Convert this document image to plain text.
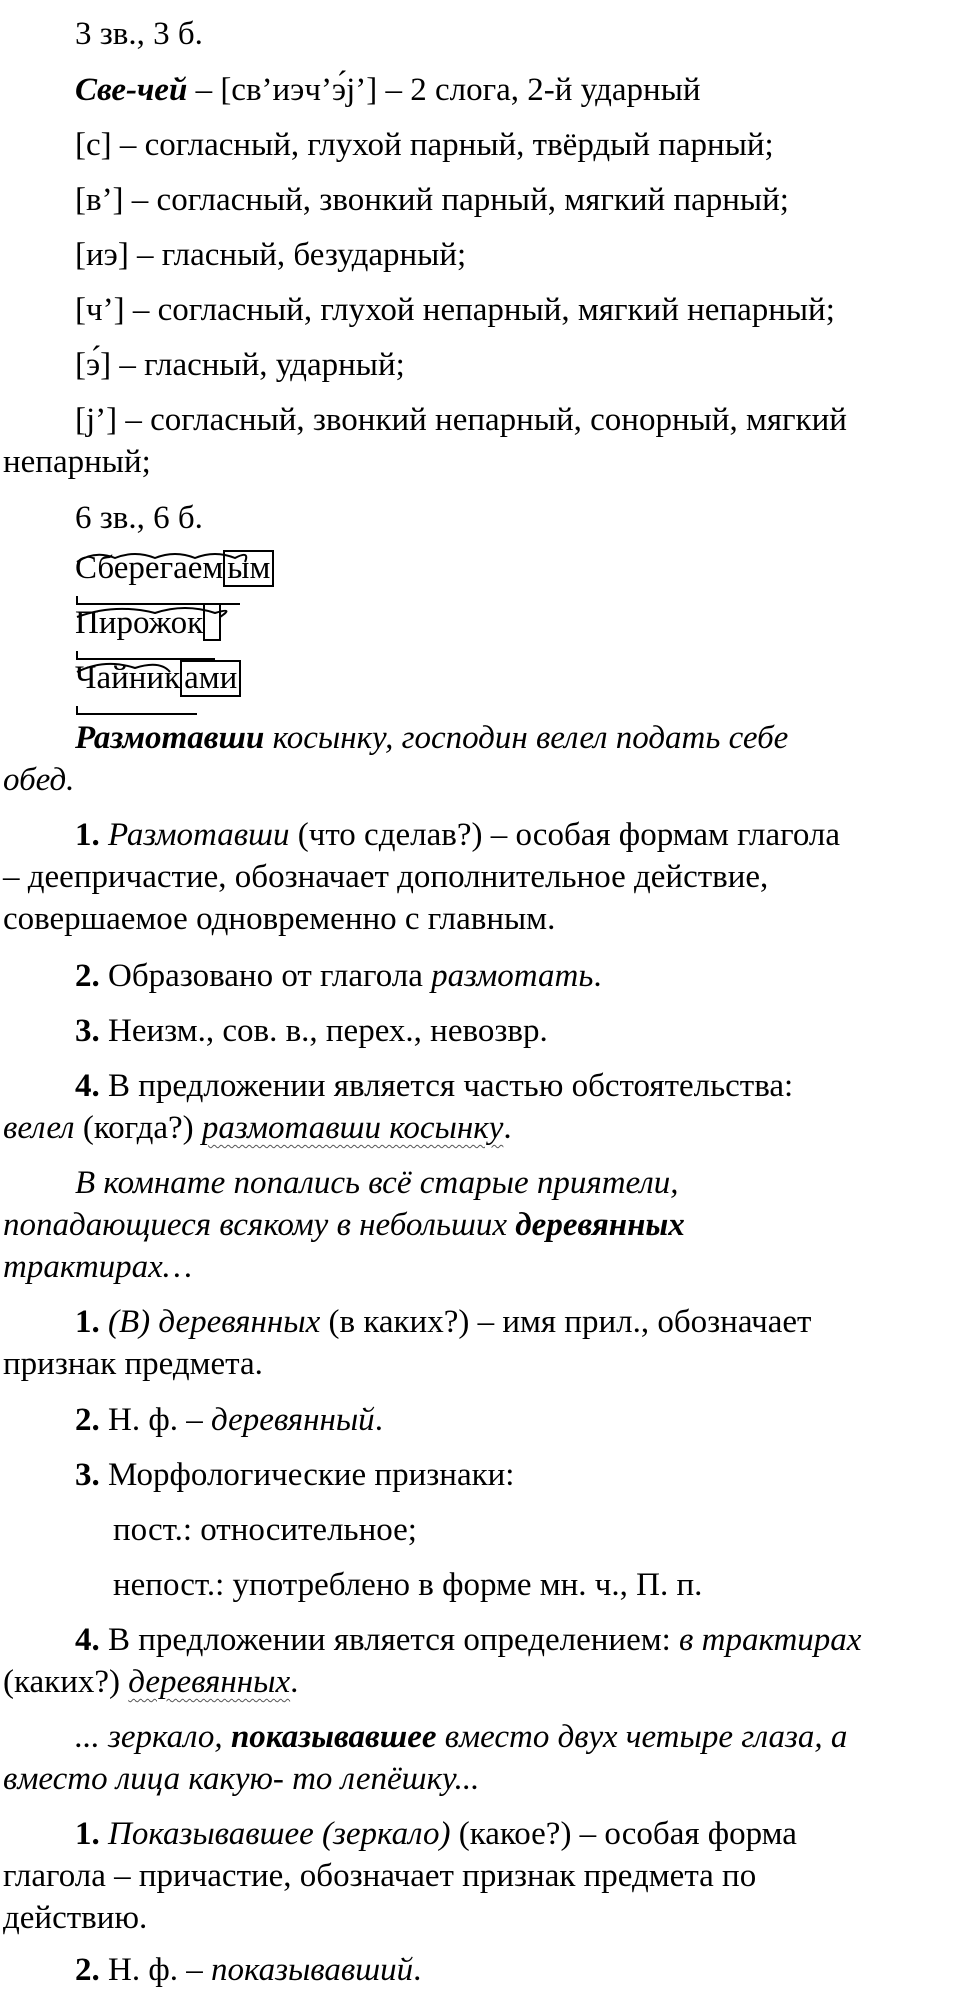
3 зв., 3 б.
Све-чей – [св’иэч’э́j’] – 2 слога, 2-й ударный
[с] – согласный, глухой парный, твёрдый парный;
[в’] – согласный, звонкий парный, мягкий парный;
[иэ] – гласный, безударный;
[ч’] – согласный, глухой непарный, мягкий непарный;
[э́] – гласный, ударный;
[j’] – согласный, звонкий непарный, сонорный, мягкий
непарный;
6 зв., 6 б.
Сберегаем ым
Пирожок
Чайник ами
Размотавши косынку, господин велел подать себе
обед.
1. Размотавши (что сделав?) – особая формам глагола
– деепричастие, обозначает дополнительное действие,
совершаемое одновременно с главным.
2. Образовано от глагола размотать.
3. Неизм., сов. в., перех., невозвр.
4. В предложении является частью обстоятельства:
велел (когда?) размотавши косынку.
В комнате попались всё старые приятели,
попадающиеся всякому в небольших деревянных
трактирах…
1. (В) деревянных (в каких?) – имя прил., обозначает
признак предмета.
2. Н. ф. – деревянный.
3. Морфологические признаки:
пост.: относительное;
непост.: употреблено в форме мн. ч., П. п.
4. В предложении является определением: в трактирах
(каких?) деревянных.
... зеркало, показывавшее вместо двух четыре глаза, а
вместо лица какую- то лепёшку...
1. Показывавшее (зеркало) (какое?) – особая форма
глагола – причастие, обозначает признак предмета по
действию.
2. Н. ф. – показывавший.
